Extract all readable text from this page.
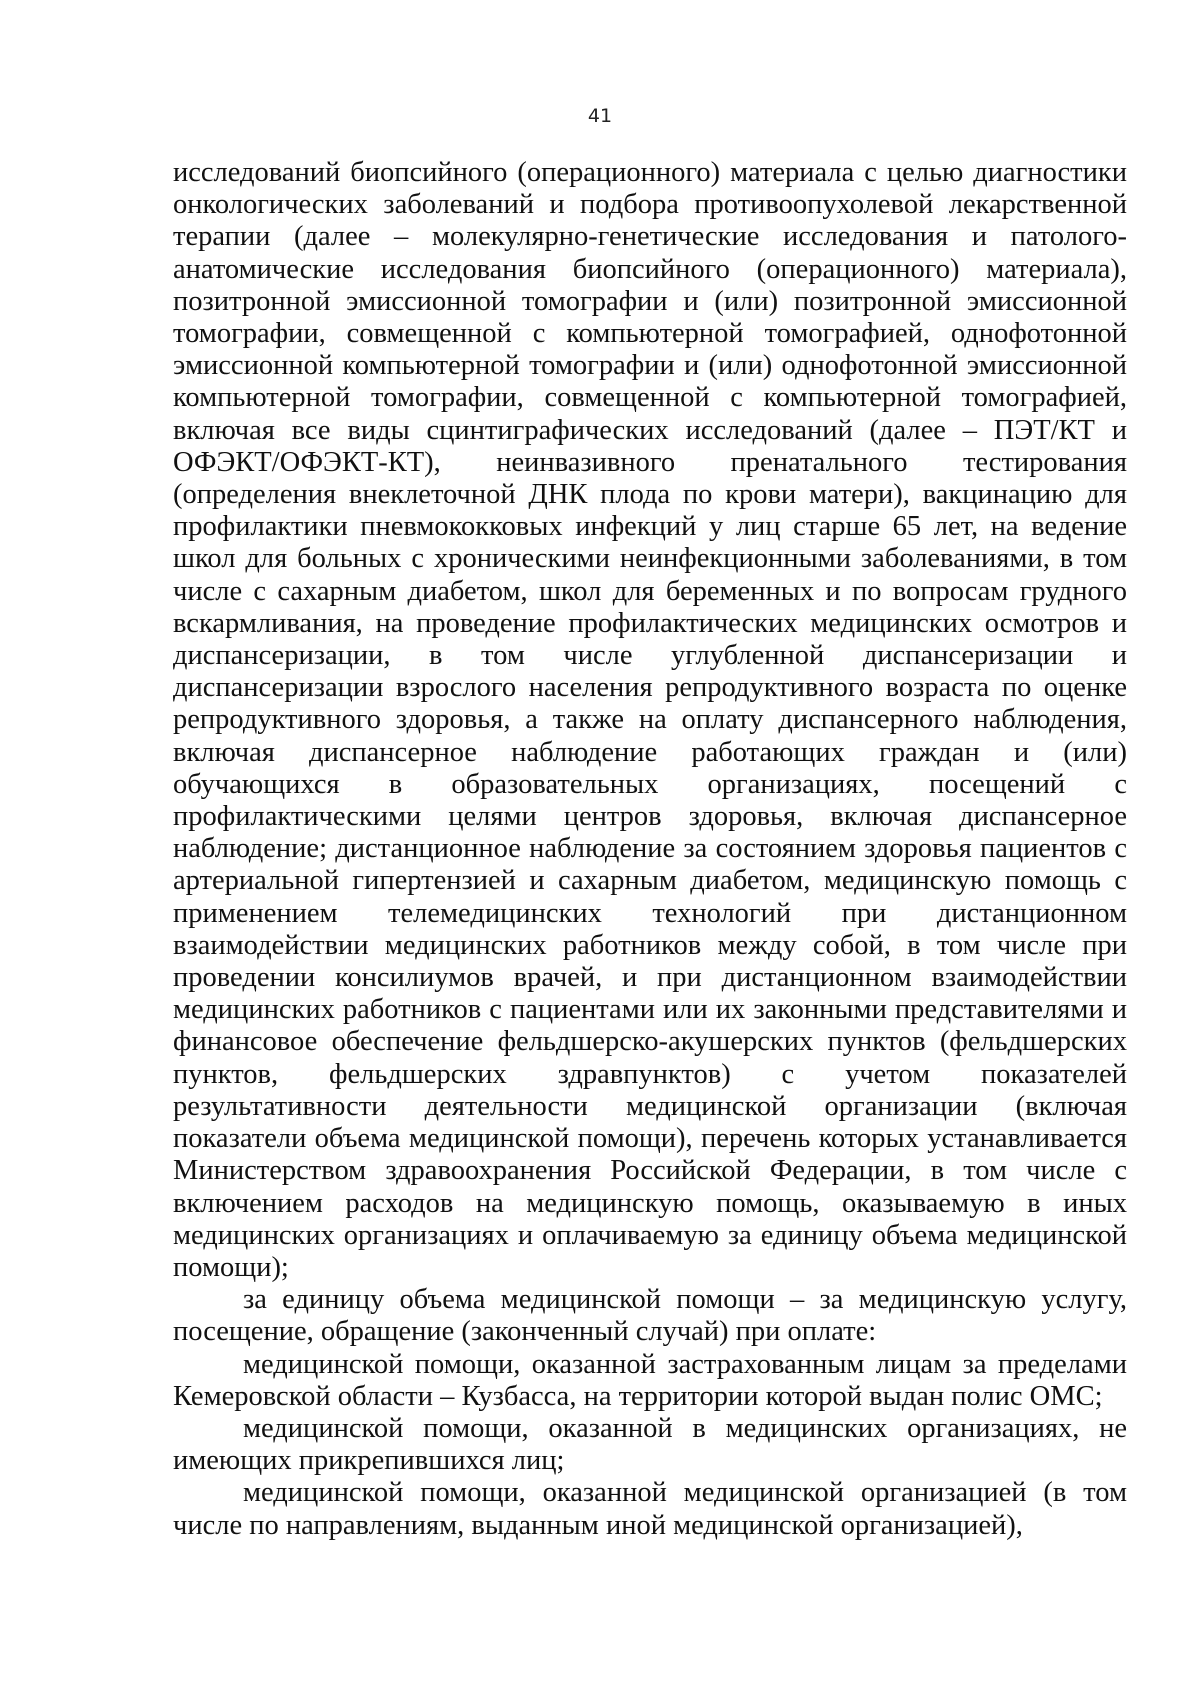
41

исследований биопсийного (операционного) материала с целью диагностики онкологических заболеваний и подбора противоопухолевой лекарственной терапии (далее – молекулярно-генетические исследования и патолого-анатомические исследования биопсийного (операционного) материала), позитронной эмиссионной томографии и (или) позитронной эмиссионной томографии, совмещенной с компьютерной томографией, однофотонной эмиссионной компьютерной томографии и (или) однофотонной эмиссионной компьютерной томографии, совмещенной с компьютерной томографией, включая все виды сцинтиграфических исследований (далее – ПЭТ/КТ и ОФЭКТ/ОФЭКТ-КТ), неинвазивного пренатального тестирования (определения внеклеточной ДНК плода по крови матери), вакцинацию для профилактики пневмококковых инфекций у лиц старше 65 лет, на ведение школ для больных с хроническими неинфекционными заболеваниями, в том числе с сахарным диабетом, школ для беременных и по вопросам грудного вскармливания, на проведение профилактических медицинских осмотров и диспансеризации, в том числе углубленной диспансеризации и диспансеризации взрослого населения репродуктивного возраста по оценке репродуктивного здоровья, а также на оплату диспансерного наблюдения, включая диспансерное наблюдение работающих граждан и (или) обучающихся в образовательных организациях, посещений с профилактическими целями центров здоровья, включая диспансерное наблюдение; дистанционное наблюдение за состоянием здоровья пациентов с артериальной гипертензией и сахарным диабетом, медицинскую помощь с применением телемедицинских технологий при дистанционном взаимодействии медицинских работников между собой, в том числе при проведении консилиумов врачей, и при дистанционном взаимодействии медицинских работников с пациентами или их законными представителями и финансовое обеспечение фельдшерско-акушерских пунктов (фельдшерских пунктов, фельдшерских здравпунктов) с учетом показателей результативности деятельности медицинской организации (включая показатели объема медицинской помощи), перечень которых устанавливается Министерством здравоохранения Российской Федерации, в том числе с включением расходов на медицинскую помощь, оказываемую в иных медицинских организациях и оплачиваемую за единицу объема медицинской помощи);

за единицу объема медицинской помощи – за медицинскую услугу, посещение, обращение (законченный случай) при оплате:

медицинской помощи, оказанной застрахованным лицам за пределами Кемеровской области – Кузбасса, на территории которой выдан полис ОМС;

медицинской помощи, оказанной в медицинских организациях, не имеющих прикрепившихся лиц;

медицинской помощи, оказанной медицинской организацией (в том числе по направлениям, выданным иной медицинской организацией),
